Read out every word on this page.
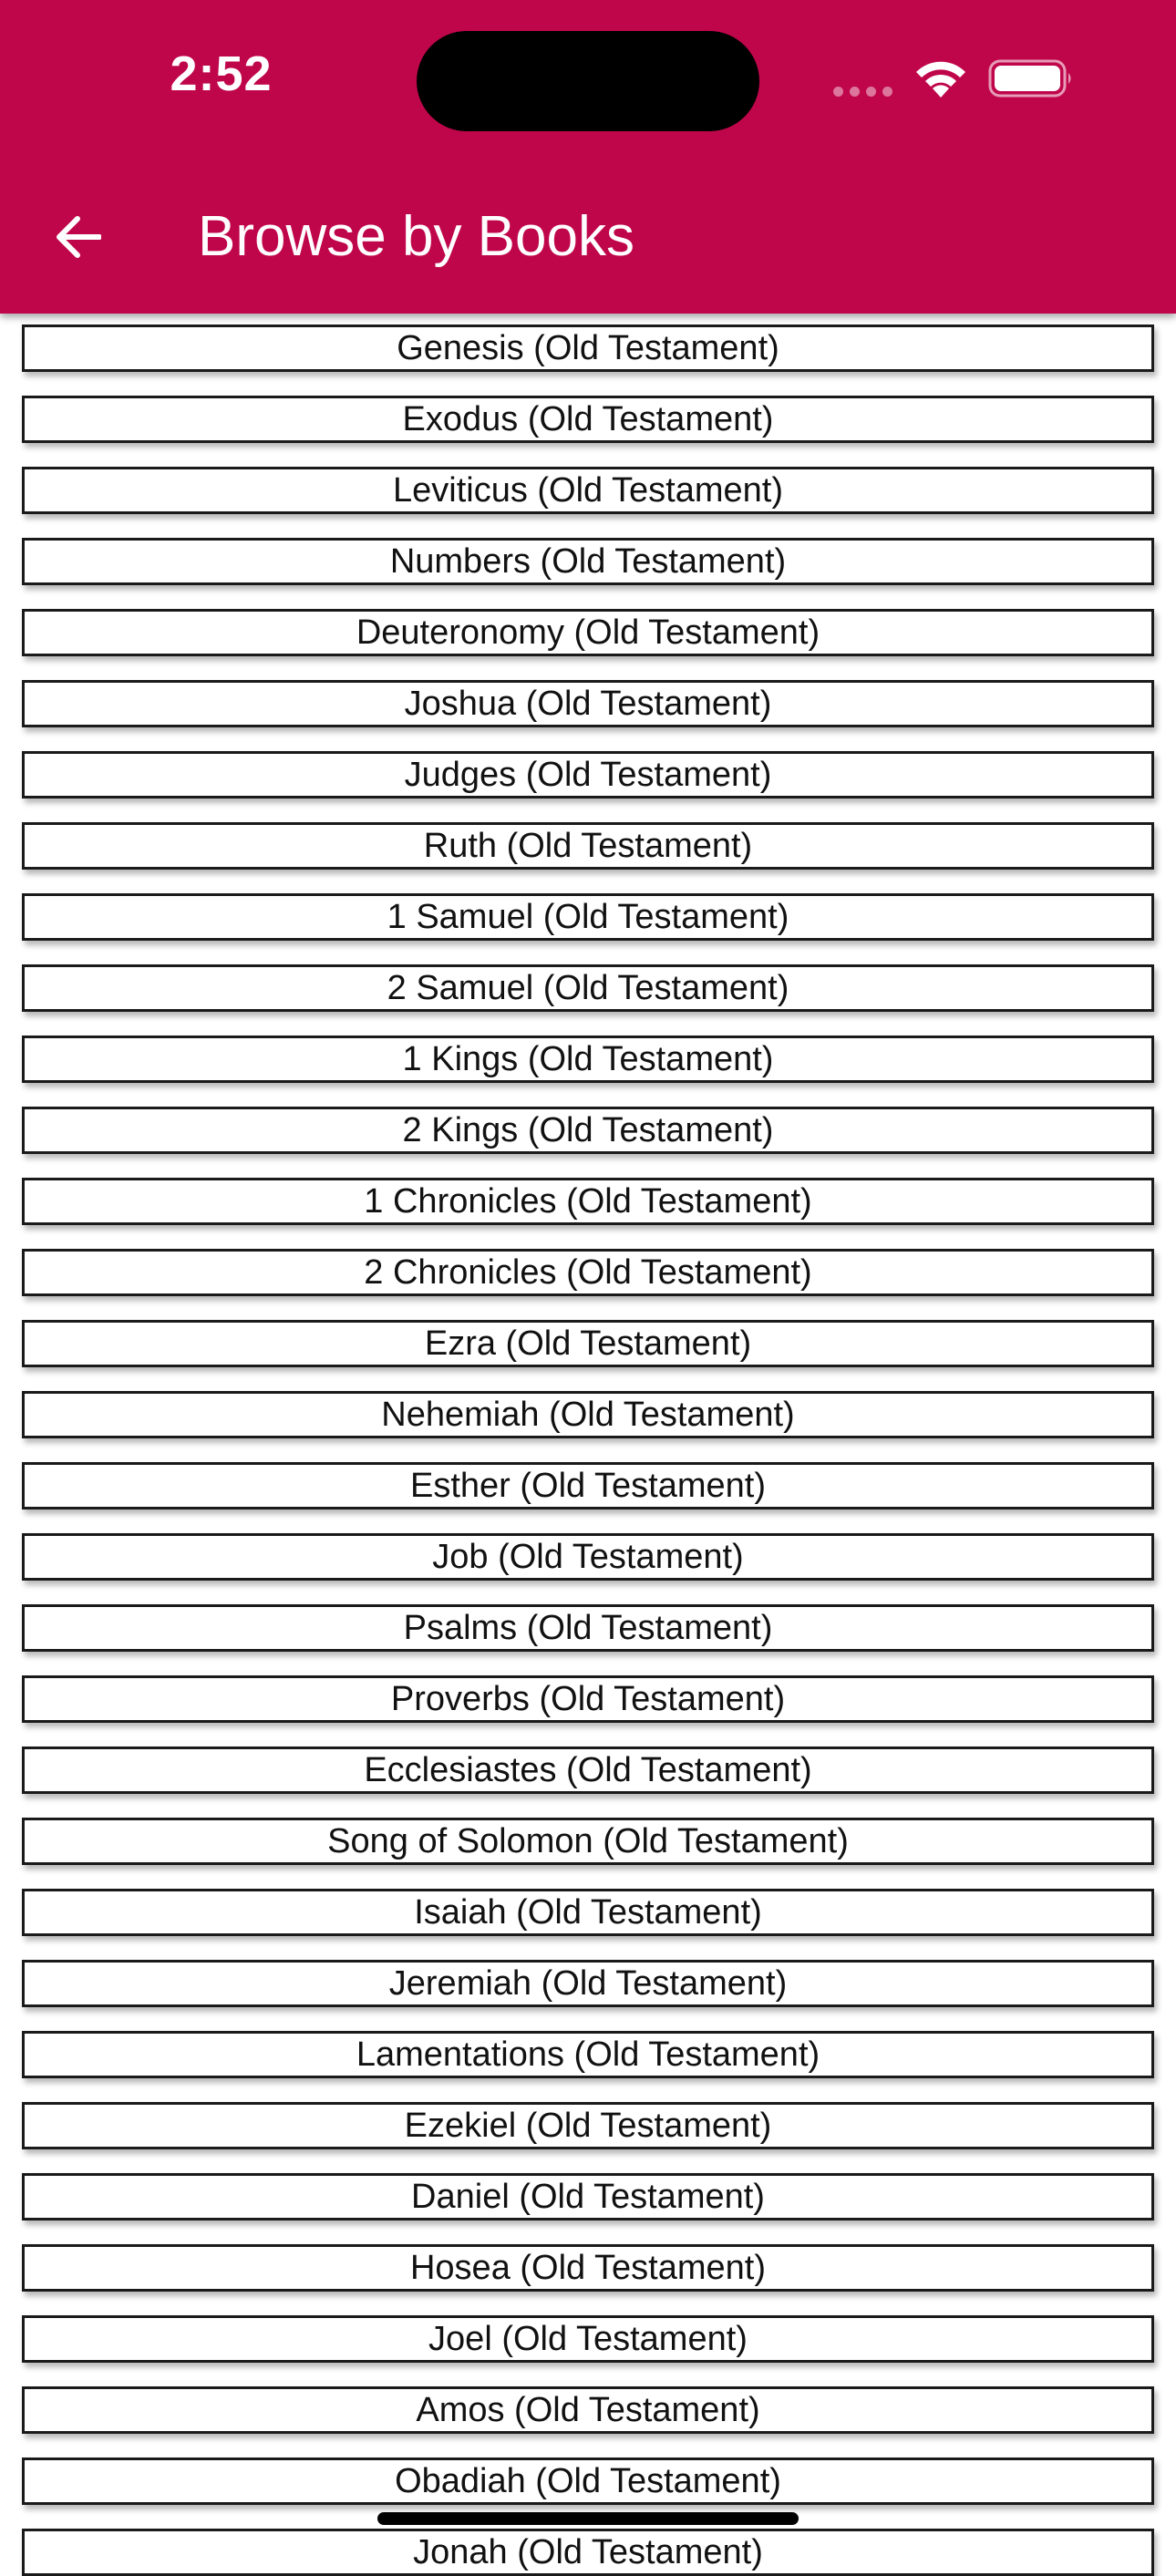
2:52
Browse by Books
Genesis (Old Testament)
Exodus (Old Testament)
Leviticus (Old Testament)
Numbers (Old Testament)
Deuteronomy (Old Testament)
Joshua (Old Testament)
Judges (Old Testament)
Ruth (Old Testament)
1 Samuel (Old Testament)
2 Samuel (Old Testament)
1 Kings (Old Testament)
2 Kings (Old Testament)
1 Chronicles (Old Testament)
2 Chronicles (Old Testament)
Ezra (Old Testament)
Nehemiah (Old Testament)
Esther (Old Testament)
Job (Old Testament)
Psalms (Old Testament)
Proverbs (Old Testament)
Ecclesiastes (Old Testament)
Song of Solomon (Old Testament)
Isaiah (Old Testament)
Jeremiah (Old Testament)
Lamentations (Old Testament)
Ezekiel (Old Testament)
Daniel (Old Testament)
Hosea (Old Testament)
Joel (Old Testament)
Amos (Old Testament)
Obadiah (Old Testament)
Jonah (Old Testament)
